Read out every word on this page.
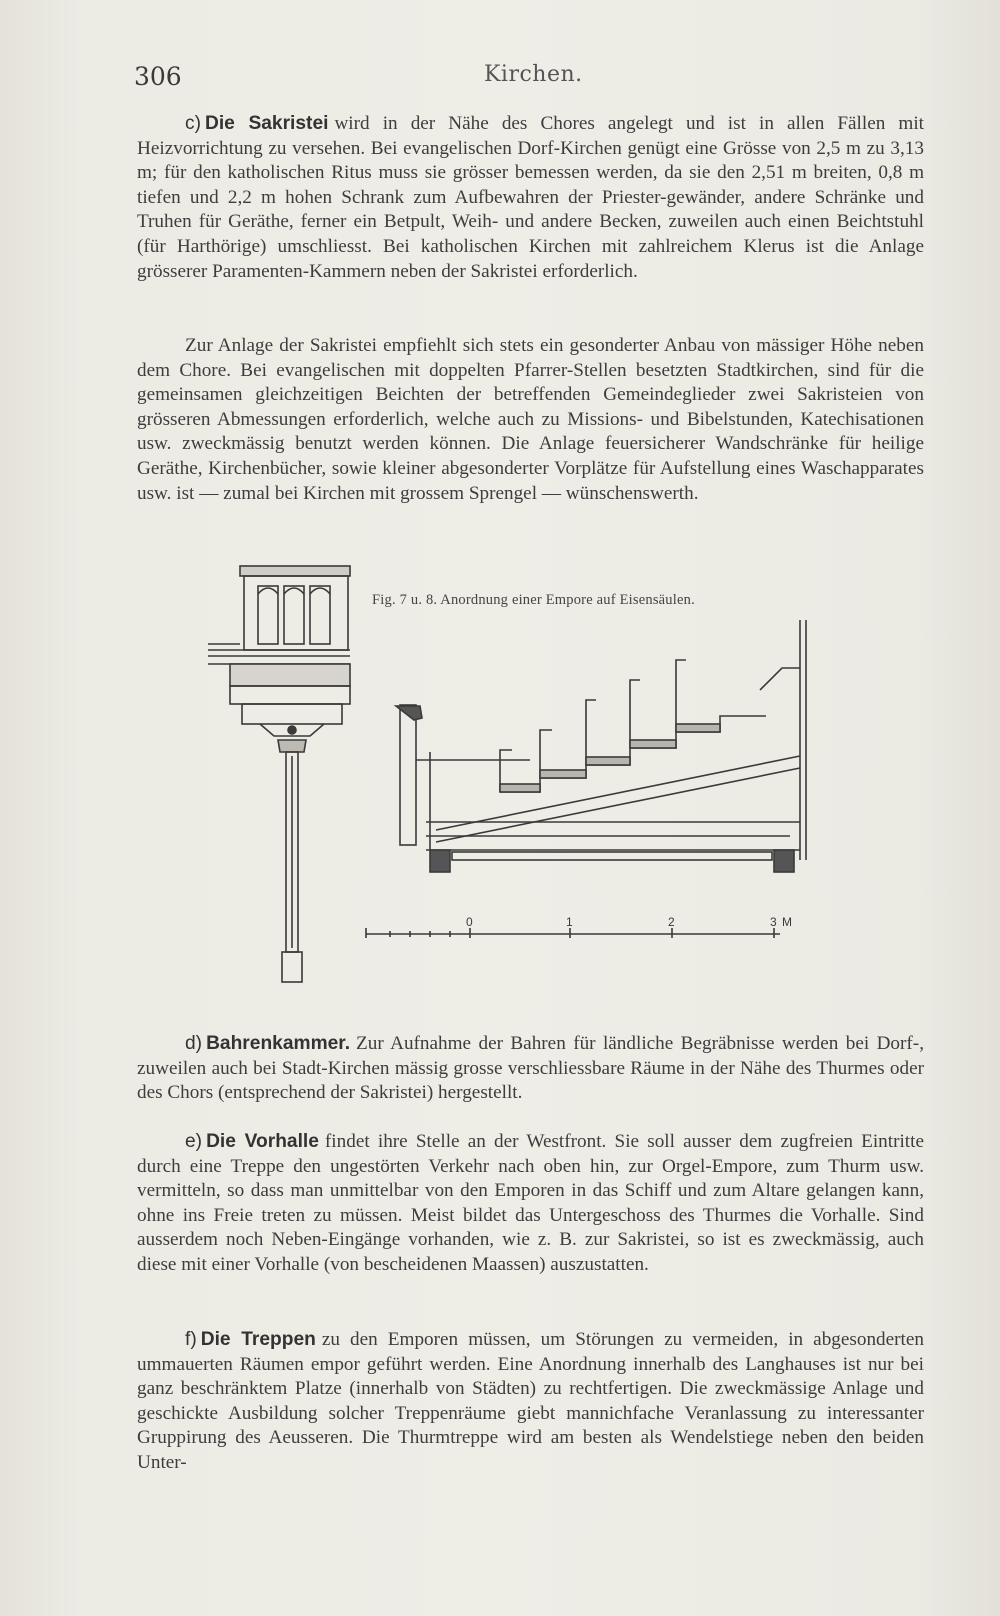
306	Kirchen.
c) Die Sakristei wird in der Nähe des Chores angelegt und ist in allen Fällen mit Heizvorrichtung zu versehen. Bei evangelischen Dorf-Kirchen genügt eine Grösse von 2,5 m zu 3,13 m; für den katholischen Ritus muss sie grösser bemessen werden, da sie den 2,51 m breiten, 0,8 m tiefen und 2,2 m hohen Schrank zum Aufbewahren der Priester-gewänder, andere Schränke und Truhen für Geräthe, ferner ein Betpult, Weih- und andere Becken, zuweilen auch einen Beichtstuhl (für Harthörige) umschliesst. Bei katholischen Kirchen mit zahlreichem Klerus ist die Anlage grösserer Paramenten-Kammern neben der Sakristei erforderlich.
Zur Anlage der Sakristei empfiehlt sich stets ein gesonderter Anbau von mässiger Höhe neben dem Chore. Bei evangelischen mit doppelten Pfarrer-Stellen besetzten Stadtkirchen, sind für die gemeinsamen gleichzeitigen Beichten der betreffenden Gemeindeglieder zwei Sakristeien von grösseren Abmessungen erforderlich, welche auch zu Missions- und Bibelstunden, Katechisationen usw. zweckmässig benutzt werden können. Die Anlage feuersicherer Wandschränke für heilige Geräthe, Kirchenbücher, sowie kleiner abgesonderter Vorplätze für Aufstellung eines Waschapparates usw. ist — zumal bei Kirchen mit grossem Sprengel — wünschenswerth.
Fig. 7 u. 8. Anordnung einer Empore auf Eisensäulen.
0	1	2	3 M
d) Bahrenkammer. Zur Aufnahme der Bahren für ländliche Begräbnisse werden bei Dorf-, zuweilen auch bei Stadt-Kirchen mässig grosse verschliessbare Räume in der Nähe des Thurmes oder des Chors (entsprechend der Sakristei) hergestellt.
e) Die Vorhalle findet ihre Stelle an der Westfront. Sie soll ausser dem zugfreien Eintritte durch eine Treppe den ungestörten Verkehr nach oben hin, zur Orgel-Empore, zum Thurm usw. vermitteln, so dass man unmittelbar von den Emporen in das Schiff und zum Altare gelangen kann, ohne ins Freie treten zu müssen. Meist bildet das Untergeschoss des Thurmes die Vorhalle. Sind ausserdem noch Neben-Eingänge vorhanden, wie z. B. zur Sakristei, so ist es zweckmässig, auch diese mit einer Vorhalle (von bescheidenen Maassen) auszustatten.
f) Die Treppen zu den Emporen müssen, um Störungen zu vermeiden, in abgesonderten ummauerten Räumen empor geführt werden. Eine Anordnung innerhalb des Langhauses ist nur bei ganz beschränktem Platze (innerhalb von Städten) zu rechtfertigen. Die zweckmässige Anlage und geschickte Ausbildung solcher Treppenräume giebt mannichfache Veranlassung zu interessanter Gruppirung des Aeusseren. Die Thurmtreppe wird am besten als Wendelstiege neben den beiden Unter-
